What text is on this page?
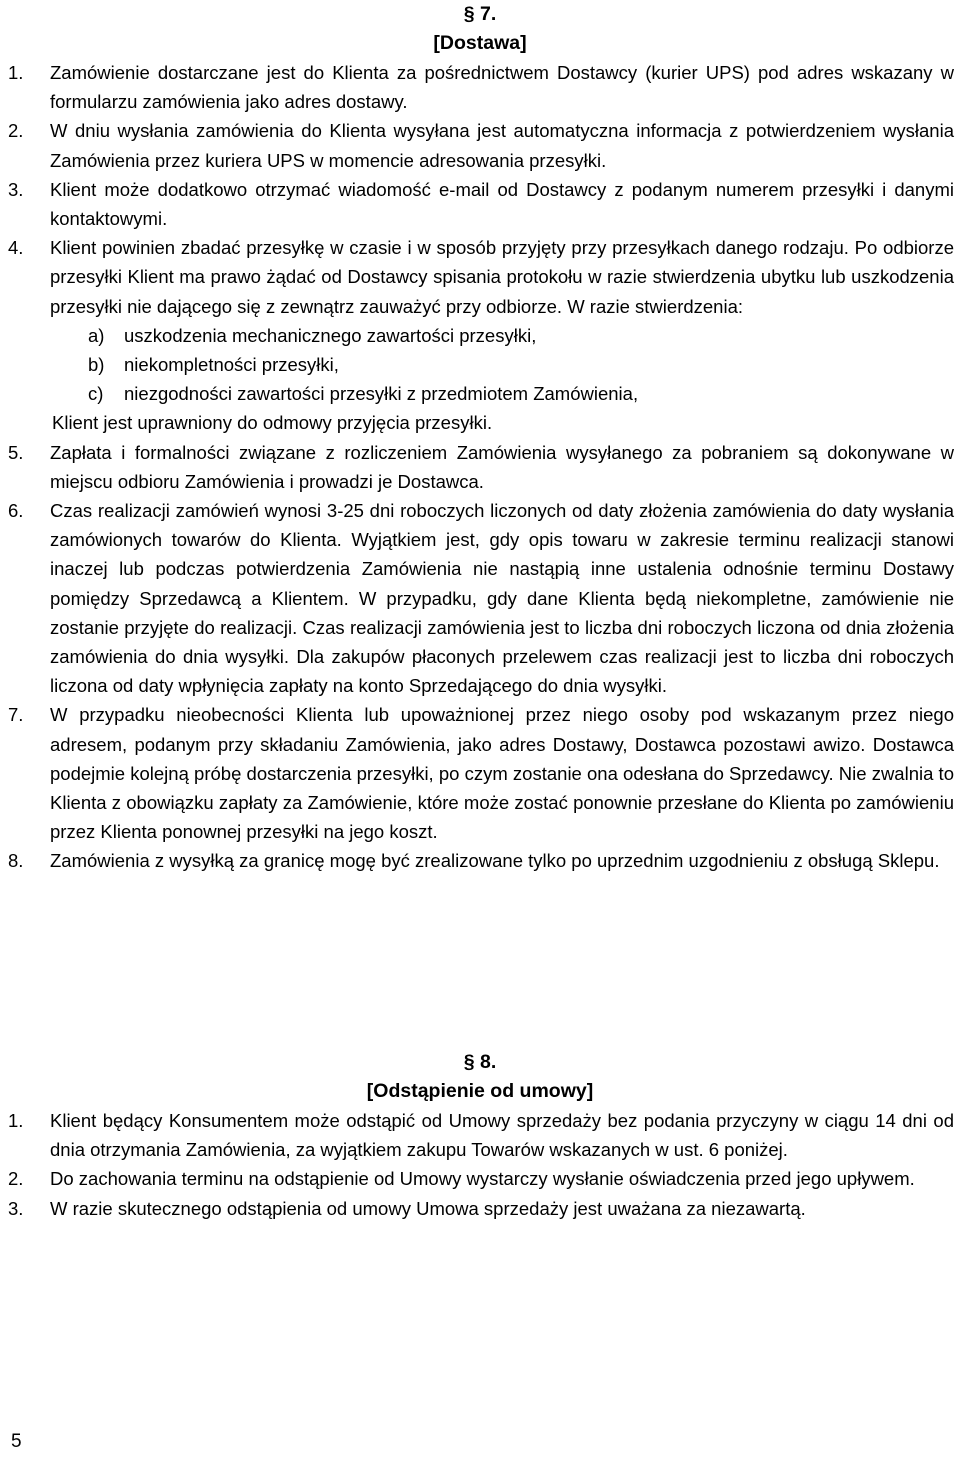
§ 7.

[Dostawa]

1. Zamówienie dostarczane jest do Klienta za pośrednictwem Dostawcy (kurier UPS) pod adres wskazany w formularzu zamówienia jako adres dostawy.
2. W dniu wysłania zamówienia do Klienta wysyłana jest automatyczna informacja z potwierdzeniem wysłania Zamówienia przez kuriera UPS w momencie adresowania przesyłki.
3. Klient może dodatkowo otrzymać wiadomość e-mail od Dostawcy z podanym numerem przesyłki i danymi kontaktowymi.
4. Klient powinien zbadać przesyłkę w czasie i w sposób przyjęty przy przesyłkach danego rodzaju. Po odbiorze przesyłki Klient ma prawo żądać od Dostawcy spisania protokołu w razie stwierdzenia ubytku lub uszkodzenia przesyłki nie dającego się z zewnątrz zauważyć przy odbiorze. W razie stwierdzenia:
a) uszkodzenia mechanicznego zawartości przesyłki,
b) niekompletności przesyłki,
c) niezgodności zawartości przesyłki z przedmiotem Zamówienia,
Klient jest uprawniony do odmowy przyjęcia przesyłki.
5. Zapłata i formalności związane z rozliczeniem Zamówienia wysyłanego za pobraniem są dokonywane w miejscu odbioru Zamówienia i prowadzi je Dostawca.
6. Czas realizacji zamówień wynosi 3-25 dni roboczych liczonych od daty złożenia zamówienia do daty wysłania zamówionych towarów do Klienta. Wyjątkiem jest, gdy opis towaru w zakresie terminu realizacji stanowi inaczej lub podczas potwierdzenia Zamówienia nie nastąpią inne ustalenia odnośnie terminu Dostawy pomiędzy Sprzedawcą a Klientem. W przypadku, gdy dane Klienta będą niekompletne, zamówienie nie zostanie przyjęte do realizacji. Czas realizacji zamówienia jest to liczba dni roboczych liczona od dnia złożenia zamówienia do dnia wysyłki. Dla zakupów płaconych przelewem czas realizacji jest to liczba dni roboczych liczona od daty wpłynięcia zapłaty na konto Sprzedającego do dnia wysyłki.
7. W przypadku nieobecności Klienta lub upoważnionej przez niego osoby pod wskazanym przez niego adresem, podanym przy składaniu Zamówienia, jako adres Dostawy, Dostawca pozostawi awizo. Dostawca podejmie kolejną próbę dostarczenia przesyłki, po czym zostanie ona odesłana do Sprzedawcy. Nie zwalnia to Klienta z obowiązku zapłaty za Zamówienie, które może zostać ponownie przesłane do Klienta po zamówieniu przez Klienta ponownej przesyłki na jego koszt.
8. Zamówienia z wysyłką za granicę mogę być zrealizowane tylko po uprzednim uzgodnieniu z obsługą Sklepu.

§ 8.

[Odstąpienie od umowy]

1. Klient będący Konsumentem może odstąpić od Umowy sprzedaży bez podania przyczyny w ciągu 14 dni od dnia otrzymania Zamówienia, za wyjątkiem zakupu Towarów wskazanych w ust. 6 poniżej.
2. Do zachowania terminu na odstąpienie od Umowy wystarczy wysłanie oświadczenia przed jego upływem.
3. W razie skutecznego odstąpienia od umowy Umowa sprzedaży jest uważana za niezawartą.
5
